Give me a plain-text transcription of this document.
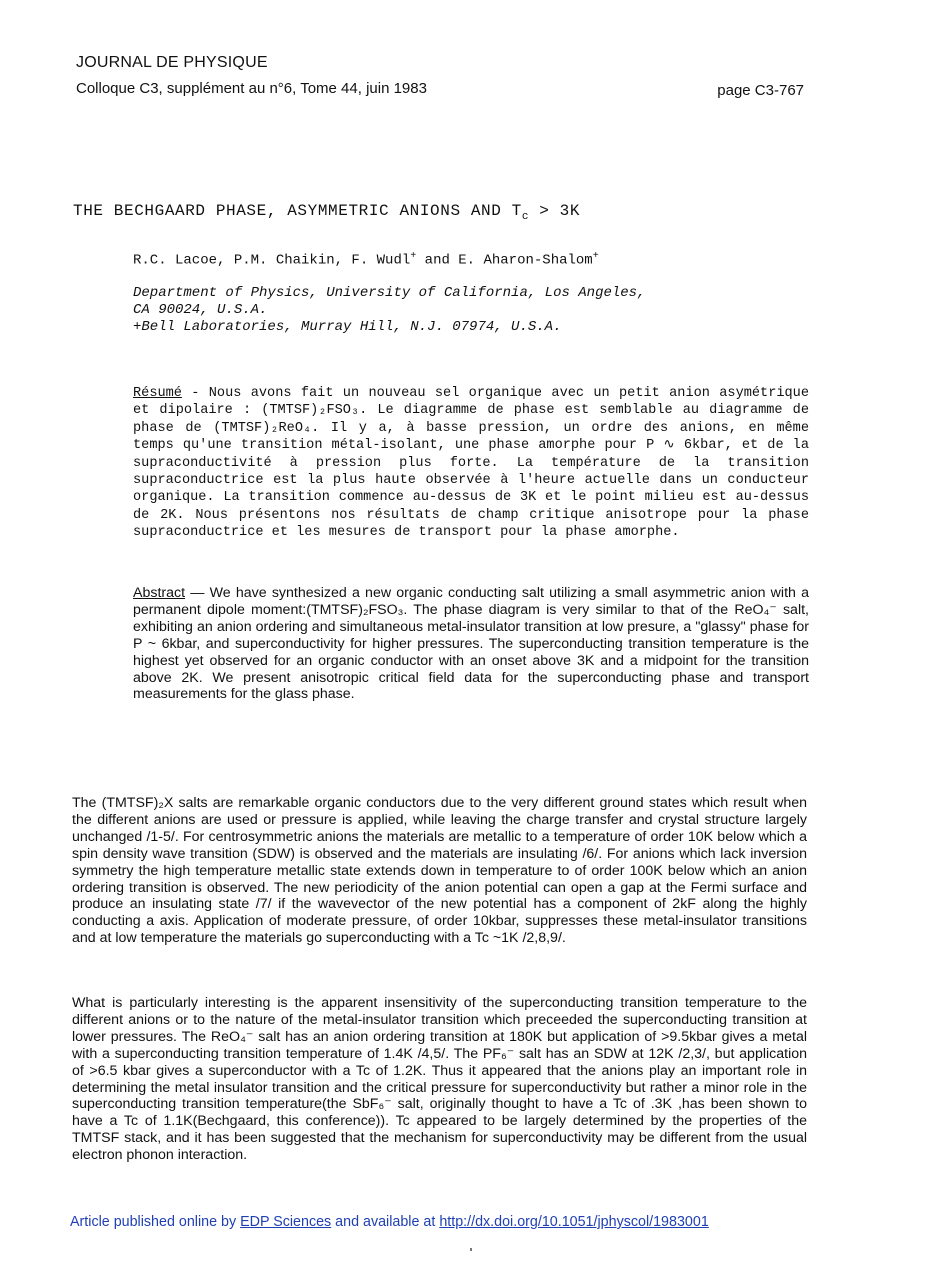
JOURNAL DE PHYSIQUE
Colloque C3, supplément au n°6, Tome 44, juin 1983	page C3-767
THE BECHGAARD PHASE, ASYMMETRIC ANIONS AND $T_c > 3K$
R.C. Lacoe, P.M. Chaikin, F. Wudl+ and E. Aharon-Shalom+
Department of Physics, University of California, Los Angeles,
CA 90024, U.S.A.
+Bell Laboratories, Murray Hill, N.J. 07974, U.S.A.
Résumé - Nous avons fait un nouveau sel organique avec un petit anion asymétrique et dipolaire : (TMTSF)₂FSO₃. Le diagramme de phase est semblable au diagramme de phase de (TMTSF)₂ReO₄. Il y a, à basse pression, un ordre des anions, en même temps qu'une transition métal-isolant, une phase amorphe pour P ∿ 6kbar, et de la supraconductivité à pression plus forte. La température de la transition supraconductrice est la plus haute observée à l'heure actuelle dans un conducteur organique. La transition commence au-dessus de 3K et le point milieu est au-dessus de 2K. Nous présentons nos résultats de champ critique anisotrope pour la phase supraconductrice et les mesures de transport pour la phase amorphe.
Abstract — We have synthesized a new organic conducting salt utilizing a small asymmetric anion with a permanent dipole moment:(TMTSF)₂FSO₃. The phase diagram is very similar to that of the ReO₄⁻ salt, exhibiting an anion ordering and simultaneous metal-insulator transition at low presure, a "glassy" phase for P ~ 6kbar, and superconductivity for higher pressures. The superconducting transition temperature is the highest yet observed for an organic conductor with an onset above 3K and a midpoint for the transition above 2K. We present anisotropic critical field data for the superconducting phase and transport measurements for the glass phase.
The (TMTSF)₂X salts are remarkable organic conductors due to the very different ground states which result when the different anions are used or pressure is applied, while leaving the charge transfer and crystal structure largely unchanged /1-5/. For centrosymmetric anions the materials are metallic to a temperature of order 10K below which a spin density wave transition (SDW) is observed and the materials are insulating /6/. For anions which lack inversion symmetry the high temperature metallic state extends down in temperature to of order 100K below which an anion ordering transition is observed. The new periodicity of the anion potential can open a gap at the Fermi surface and produce an insulating state /7/ if the wavevector of the new potential has a component of 2kF along the highly conducting a axis. Application of moderate pressure, of order 10kbar, suppresses these metal-insulator transitions and at low temperature the materials go superconducting with a Tc ~1K /2,8,9/.
What is particularly interesting is the apparent insensitivity of the superconducting transition temperature to the different anions or to the nature of the metal-insulator transition which preceeded the superconducting transition at lower pressures. The ReO₄⁻ salt has an anion ordering transition at 180K but application of >9.5kbar gives a metal with a superconducting transition temperature of 1.4K /4,5/. The PF₆⁻ salt has an SDW at 12K /2,3/, but application of >6.5 kbar gives a superconductor with a Tc of 1.2K. Thus it appeared that the anions play an important role in determining the metal insulator transition and the critical pressure for superconductivity but rather a minor role in the superconducting transition temperature(the SbF₆⁻ salt, originally thought to have a Tc of .3K ,has been shown to have a Tc of 1.1K(Bechgaard, this conference)). Tc appeared to be largely determined by the properties of the TMTSF stack, and it has been suggested that the mechanism for superconductivity may be different from the usual electron phonon interaction.
Article published online by EDP Sciences and available at http://dx.doi.org/10.1051/jphyscol/1983001
